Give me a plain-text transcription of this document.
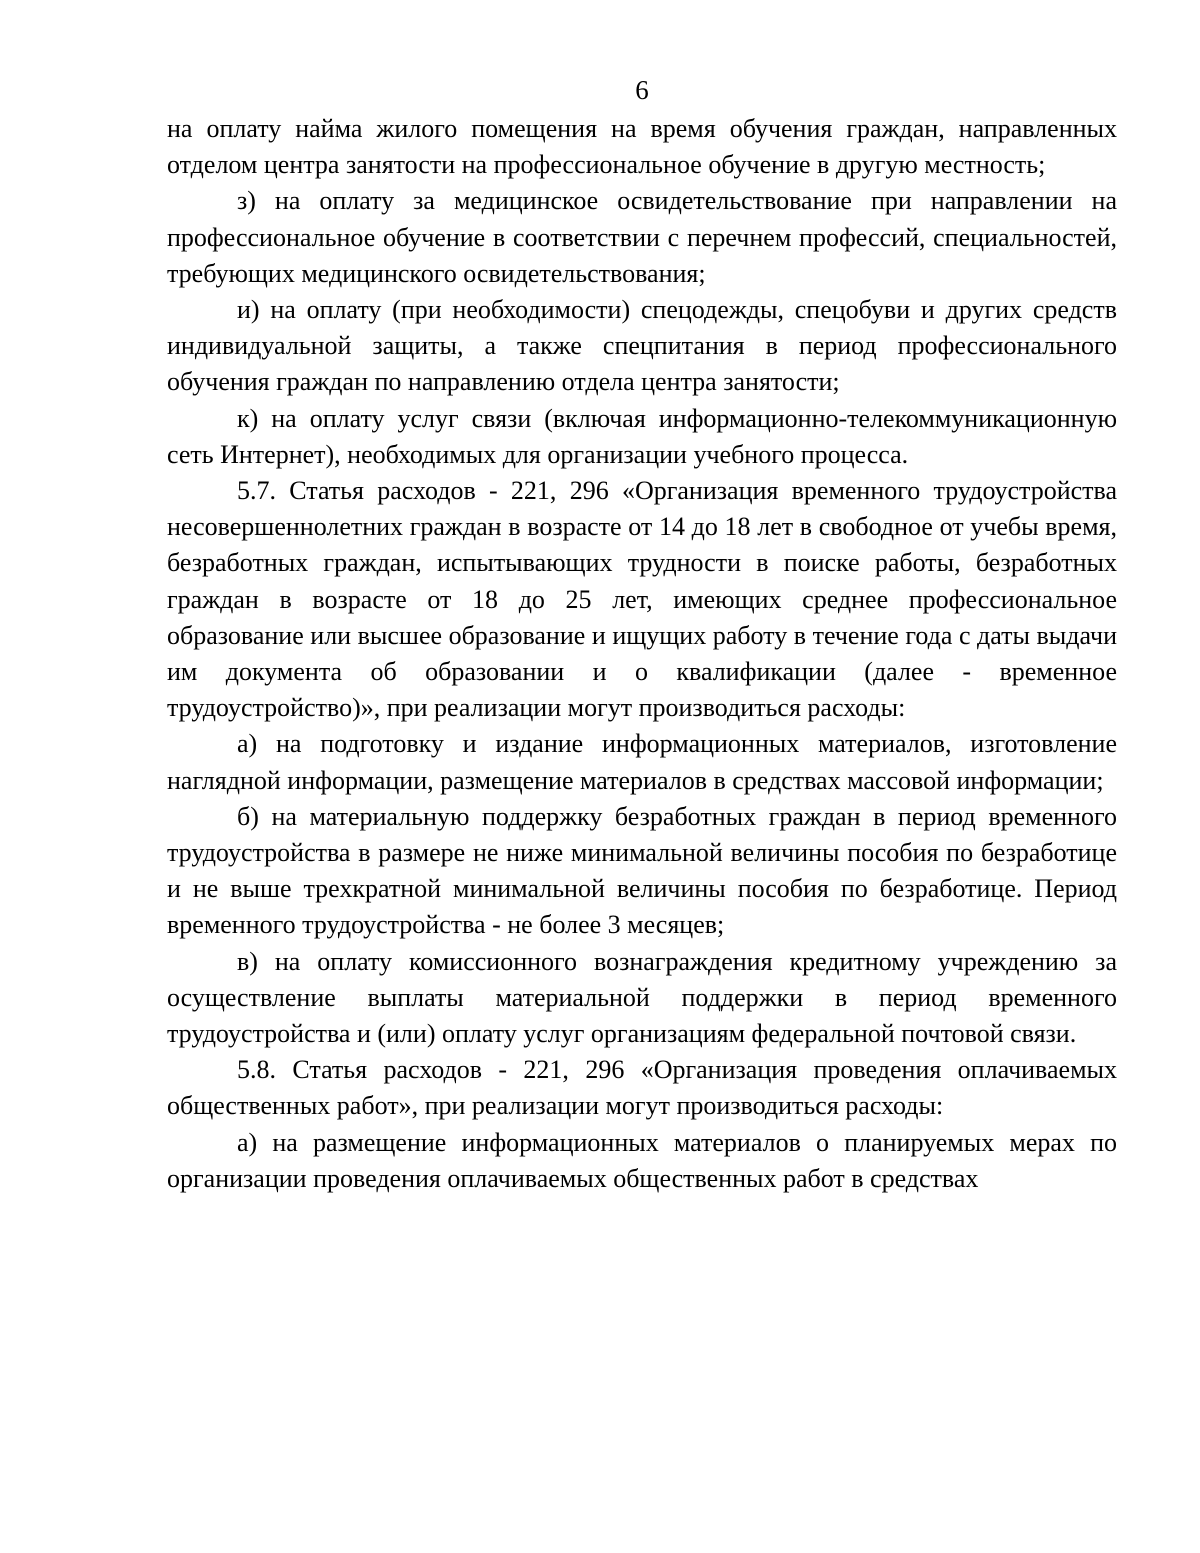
6

на оплату найма жилого помещения на время обучения граждан, направленных отделом центра занятости на профессиональное обучение в другую местность;

з) на оплату за медицинское освидетельствование при направлении на профессиональное обучение в соответствии с перечнем профессий, специальностей, требующих медицинского освидетельствования;

и) на оплату (при необходимости) спецодежды, спецобуви и других средств индивидуальной защиты, а также спецпитания в период профессионального обучения граждан по направлению отдела центра занятости;

к) на оплату услуг связи (включая информационно-телекоммуникационную сеть Интернет), необходимых для организации учебного процесса.

5.7. Статья расходов - 221, 296 «Организация временного трудоустройства несовершеннолетних граждан в возрасте от 14 до 18 лет в свободное от учебы время, безработных граждан, испытывающих трудности в поиске работы, безработных граждан в возрасте от 18 до 25 лет, имеющих среднее профессиональное образование или высшее образование и ищущих работу в течение года с даты выдачи им документа об образовании и о квалификации (далее - временное трудоустройство)», при реализации могут производиться расходы:

а) на подготовку и издание информационных материалов, изготовление наглядной информации, размещение материалов в средствах массовой информации;

б) на материальную поддержку безработных граждан в период временного трудоустройства в размере не ниже минимальной величины пособия по безработице и не выше трехкратной минимальной величины пособия по безработице. Период временного трудоустройства - не более 3 месяцев;

в) на оплату комиссионного вознаграждения кредитному учреждению за осуществление выплаты материальной поддержки в период временного трудоустройства и (или) оплату услуг организациям федеральной почтовой связи.

5.8. Статья расходов - 221, 296 «Организация проведения оплачиваемых общественных работ», при реализации могут производиться расходы:

а) на размещение информационных материалов о планируемых мерах по организации проведения оплачиваемых общественных работ в средствах
